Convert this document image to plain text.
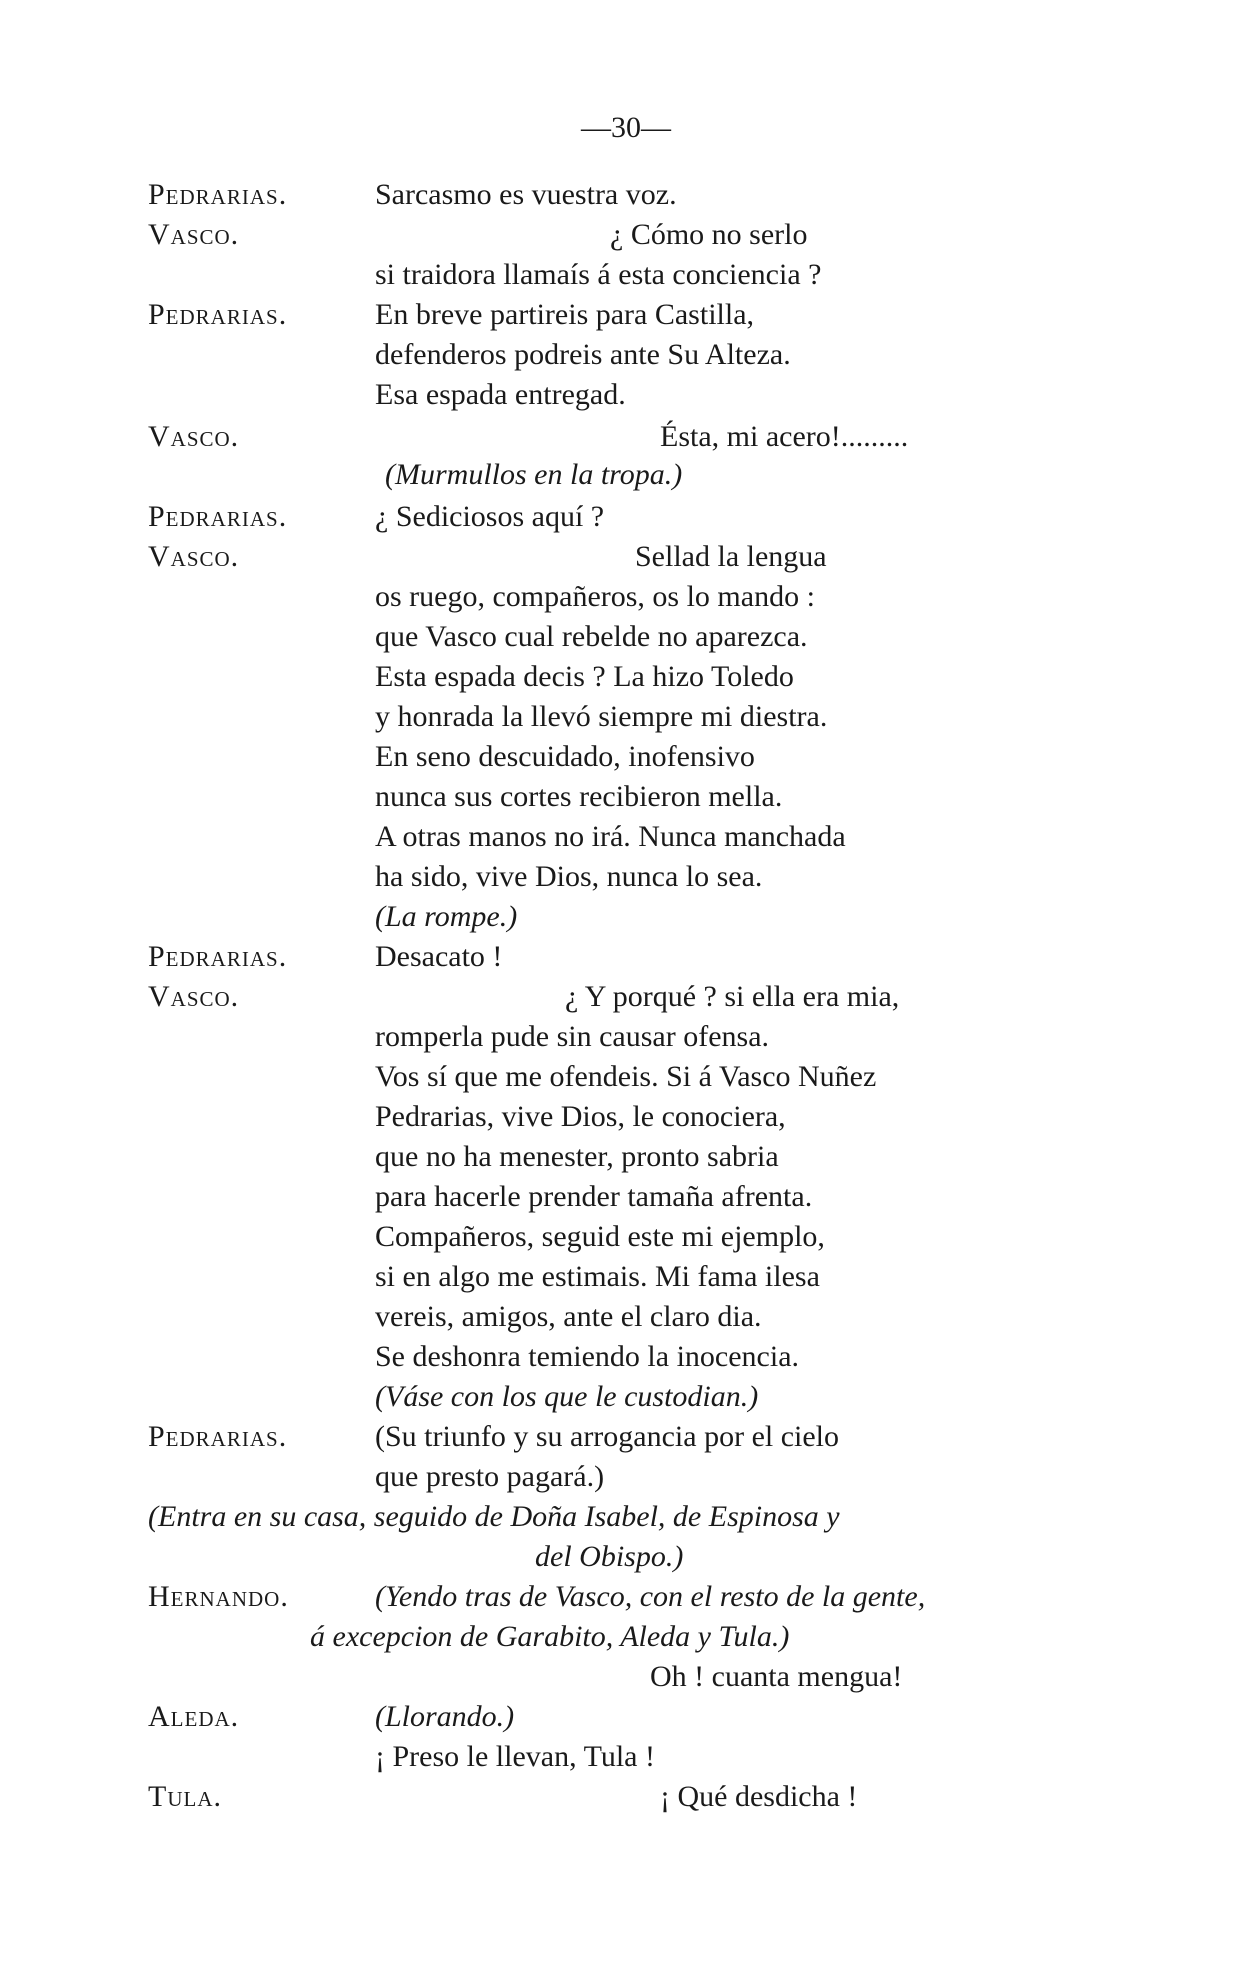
—30—
Pedrarias.	Sarcasmo es vuestra voz.
Vasco.	¿ Cómo no serlo
si traidora llamaís á esta conciencia ?
Pedrarias.	En breve partireis para Castilla,
defenderos podreis ante Su Alteza.
Esa espada entregad.
Vasco.	Ésta, mi acero!.........
(Murmullos en la tropa.)
Pedrarias.	¿ Sediciosos aquí ?
Vasco.	Sellad la lengua
os ruego, compañeros, os lo mando :
que Vasco cual rebelde no aparezca.
Esta espada decis ? La hizo Toledo
y honrada la llevó siempre mi diestra.
En seno descuidado, inofensivo
nunca sus cortes recibieron mella.
A otras manos no irá. Nunca manchada
ha sido, vive Dios, nunca lo sea.
(La rompe.)
Pedrarias.	Desacato !
Vasco.	¿ Y porqué ? si ella era mia,
romperla pude sin causar ofensa.
Vos sí que me ofendeis. Si á Vasco Nuñez
Pedrarias, vive Dios, le conociera,
que no ha menester, pronto sabria
para hacerle prender tamaña afrenta.
Compañeros, seguid este mi ejemplo,
si en algo me estimais. Mi fama ilesa
vereis, amigos, ante el claro dia.
Se deshonra temiendo la inocencia.
(Váse con los que le custodian.)
Pedrarias.	(Su triunfo y su arrogancia por el cielo
que presto pagará.)
(Entra en su casa, seguido de Doña Isabel, de Espinosa y
del Obispo.)
Hernando.	(Yendo tras de Vasco, con el resto de la gente,
á excepcion de Garabito, Aleda y Tula.)
Oh ! cuanta mengua!
Aleda.	(Llorando.)
¡ Preso le llevan, Tula !
Tula.	¡ Qué desdicha !
